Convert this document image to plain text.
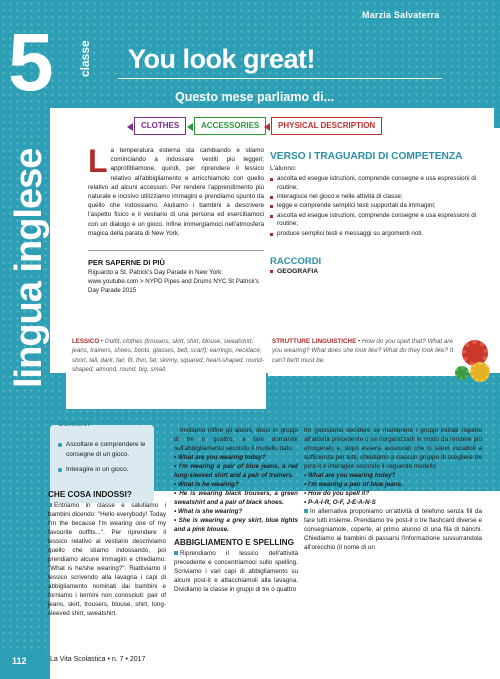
Marzia Salvaterra
5 classe You look great!
Questo mese parliamo di...
lingua inglese
CLOTHES	ACCESSORIES	PHYSICAL DESCRIPTION
La temperatura esterna sta cambiando e stiamo cominciando a indossare vestiti più leggeri; approfittiamone, quindi, per riprendere il lessico relativo all'abbigliamento e arricchiamolo con quello relativo ad alcuni accessori. Per rendere l'apprendimento più naturale e incisivo utilizziamo immagini e prendiamo spunto da quello che indossiamo. Aiutiamo i bambini a descrivere l'aspetto fisico e il vestiario di una persona ed esercitiamoci con un dialogo e un gioco. Infine immergiamoci nell'atmosfera magica della parata di New York.
PER SAPERNE DI PIÙ
Riguardo a St. Patrick's Day Parade in New York: www.youtube.com > NYPD Pipes and Drums NYC St Patrick's Day Parade 2015
VERSO I TRAGUARDI DI COMPETENZA
L'alunno:
ascolta ed esegue istruzioni, comprende consegne e usa espressioni di routine;
interagisce nel gioco e nelle attività di classe;
legge e comprende semplici testi supportati da immagini;
ascolta ed esegue istruzioni, comprende consegne e usa espressioni di routine;
produce semplici testi e messaggi su argomenti noti.
RACCORDI
GEOGRAFIA
LESSICO • Outfit, clothes (trousers, skirt, shirt, blouse, sweatshirt, jeans, trainers, shoes, boots, glasses, belt, scarf); earrings, necklace; short, tall, dark, fair, fit, thin, fat, skinny, squared, heart-shaped, round-shaped; almond, round, big, small.
STRUTTURE LINGUISTICHE • How do you spell that? What are you wearing? What does she look like? What do they look like? It can't be!It must be.
Obiettivi
Ascoltare e comprendere le consegne di un gioco.
Interagire in un gioco.
CHE COSA INDOSSI?
Entriamo in classe e salutiamo i bambini dicendo: "Hello everybody! Today I'm the because I'm wearing one of my favourite outfits...". Per riprendere il lessico relativo al vestiario descriviamo quello che stiamo indossando, poi prendiamo alcune immagini e chiediamo: "What is he/she wearing?". Riattiviamo il lessico scrivendo alla lavagna i capi di abbigliamento nominati dai bambini e forniamo i termini non conosciuti: pair of jeans, skirt, trousers, blouse, shirt, long-sleeved shirt, sweatshirt.
Invitiamo infine gli alunni, divisi in gruppi di tre o quattro, a fare domande sull'abbigliamento secondo il modello dato:
• What are you wearing today?
• I'm wearing a pair of blue jeans, a red long-sleeved shirt and a pair of trainers.
• What is he wearing?
• He is wearing black trousers, a green sweatshirt and a pair of black shoes.
• What is she wearing?
• She is wearing a grey skirt, blue tights and a pink blouse.
ABBIGLIAMENTO E SPELLING
Riprendiamo il lessico dell'attività precedente e concentriamoci sullo spelling. Scriviamo i vari capi di abbigliamento su alcuni post-it e attacchiamoli alla lavagna. Dividiamo la classe in gruppi di tre o quattro
tro (possiamo decidere se mantenere i gruppi iniziati rispetto all'attività precedente o se riorganizzarli in modo da rendere più omogenei) e, dopo essersi assicurati che ci siano vocaboli a sufficienza per tutti, chiediamo a ciascun gruppo di scegliere tre post-it e interagire secondo il seguente modello.
• What are you wearing today?
• I'm wearing a pair of blue jeans.
• How do you spell it?
• P-A-I-R, O-F, J-E-A-N-S
In alternativa proponiamo un'attività di telefono senza fili da fare tutti insieme. Prendiamo tre post-it o tre flashcard diverse e consegniamole, coperte, al primo alunno di una fila di banchi. Chiediamo ai bambini di passarsi l'informazione sussurrandola all'orecchio (il nome di un
112	La Vita Scolastica • n. 7 • 2017
